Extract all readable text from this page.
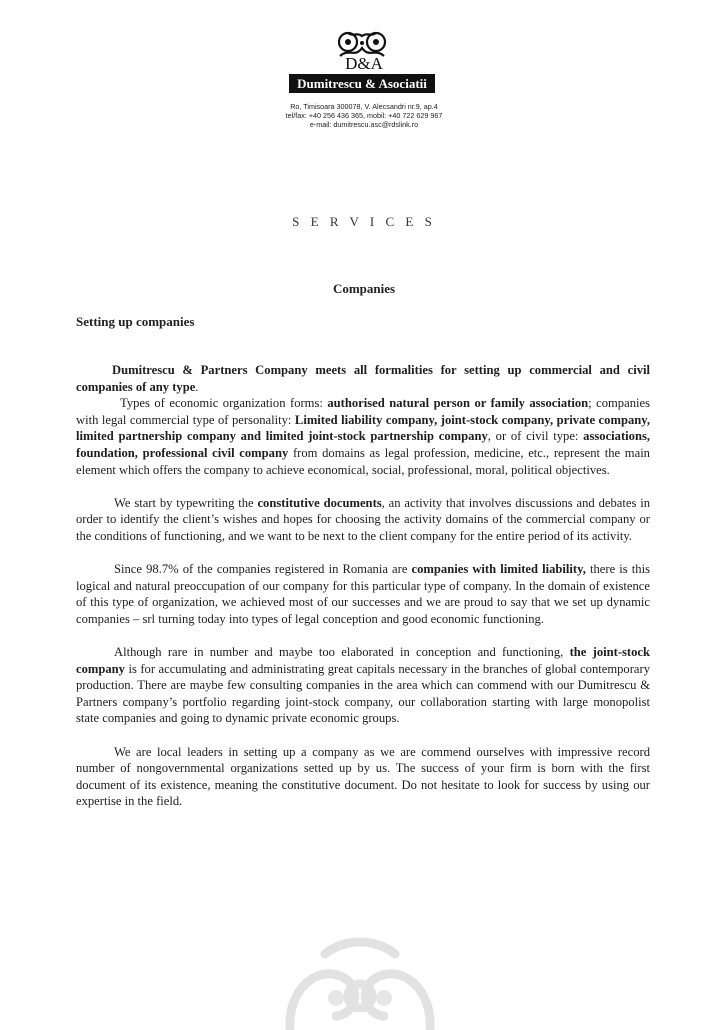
D&A
Dumitrescu & Asociatii
Ro, Timisoara 300078, V. Alecsandri nr.9, ap.4
tel/fax: +40 256 436 365, mobil: +40 722 629 967
e-mail: dumitrescu.asc@rdslink.ro
S E R V I C E S
Companies
Setting up companies

Dumitrescu & Partners Company meets all formalities for setting up commercial and civil companies of any type.

Types of economic organization forms: authorised natural person or family association; companies with legal commercial type of personality: Limited liability company, joint-stock company, private company, limited partnership company and limited joint-stock partnership company, or of civil type: associations, foundation, professional civil company from domains as legal profession, medicine, etc., represent the main element which offers the company to achieve economical, social, professional, moral, political objectives.

We start by typewriting the constitutive documents, an activity that involves discussions and debates in order to identify the client’s wishes and hopes for choosing the activity domains of the commercial company or the conditions of functioning, and we want to be next to the client company for the entire period of its activity.

Since 98.7% of the companies registered in Romania are companies with limited liability, there is this logical and natural preoccupation of our company for this particular type of company. In the domain of existence of this type of organization, we achieved most of our successes and we are proud to say that we set up dynamic companies – srl turning today into types of legal conception and good economic functioning.

Although rare in number and maybe too elaborated in conception and functioning, the joint-stock company is for accumulating and administrating great capitals necessary in the branches of global contemporary production. There are maybe few consulting companies in the area which can commend with our Dumitrescu & Partners company’s portfolio regarding joint-stock company, our collaboration starting with large monopolist state companies and going to dynamic private economic groups.

We are local leaders in setting up a company as we are commend ourselves with impressive record number of nongovernmental organizations setted up by us. The success of your firm is born with the first document of its existence, meaning the constitutive document. Do not hesitate to look for success by using our expertise in the field.
